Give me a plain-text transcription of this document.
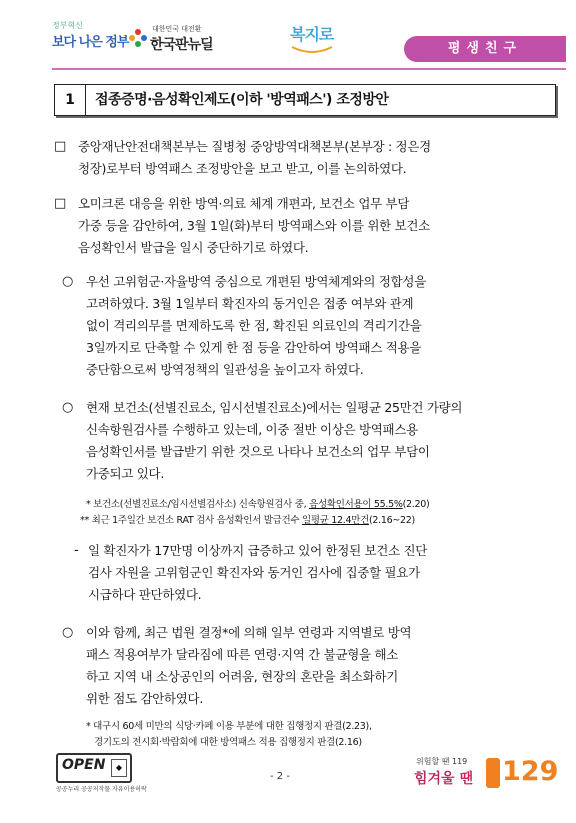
정부혁신
보다 나은 정부
대한민국 대전환
한국판뉴딜
복지로
평생친구
1	접종증명·음성확인제도(이하 '방역패스') 조정방안
□ 중앙재난안전대책본부는 질병청 중앙방역대책본부(본부장 : 정은경
청장)로부터 방역패스 조정방안을 보고 받고, 이를 논의하였다.
□ 오미크론 대응을 위한 방역·의료 체계 개편과, 보건소 업무 부담
가중 등을 감안하여, 3월 1일(화)부터 방역패스와 이를 위한 보건소
음성확인서 발급을 일시 중단하기로 하였다.
○ 우선 고위험군·자율방역 중심으로 개편된 방역체계와의 정합성을
고려하였다. 3월 1일부터 확진자의 동거인은 접종 여부와 관계
없이 격리의무를 면제하도록 한 점, 확진된 의료인의 격리기간을
3일까지로 단축할 수 있게 한 점 등을 감안하여 방역패스 적용을
중단함으로써 방역정책의 일관성을 높이고자 하였다.
○ 현재 보건소(선별진료소, 임시선별진료소)에서는 일평균 25만건 가량의
신속항원검사를 수행하고 있는데, 이중 절반 이상은 방역패스용
음성확인서를 발급받기 위한 것으로 나타나 보건소의 업무 부담이
가중되고 있다.
* 보건소(선별진료소/임시선별검사소) 신속항원검사 중, 음성확인서용이 55.5%(2.20)
** 최근 1주일간 보건소 RAT 검사 음성확인서 발급건수 일평균 12.4만건(2.16~22)
- 일 확진자가 17만명 이상까지 급증하고 있어 한정된 보건소 진단
검사 자원을 고위험군인 확진자와 동거인 검사에 집중할 필요가
시급하다 판단하였다.
○ 이와 함께, 최근 법원 결정*에 의해 일부 연령과 지역별로 방역
패스 적용여부가 달라짐에 따른 연령·지역 간 불균형을 해소
하고 지역 내 소상공인의 어려움, 현장의 혼란을 최소화하기
위한 점도 감안하였다.
* 대구시 60세 미만의 식당·카페 이용 부분에 대한 집행정지 판결(2.23),
경기도의 전시회·박람회에 대한 방역패스 적용 집행정지 판결(2.16)
OPEN	◆
공공누리 공공저작물 자유이용허락
- 2 -
위험할 땐 119
힘겨울 땐 129
